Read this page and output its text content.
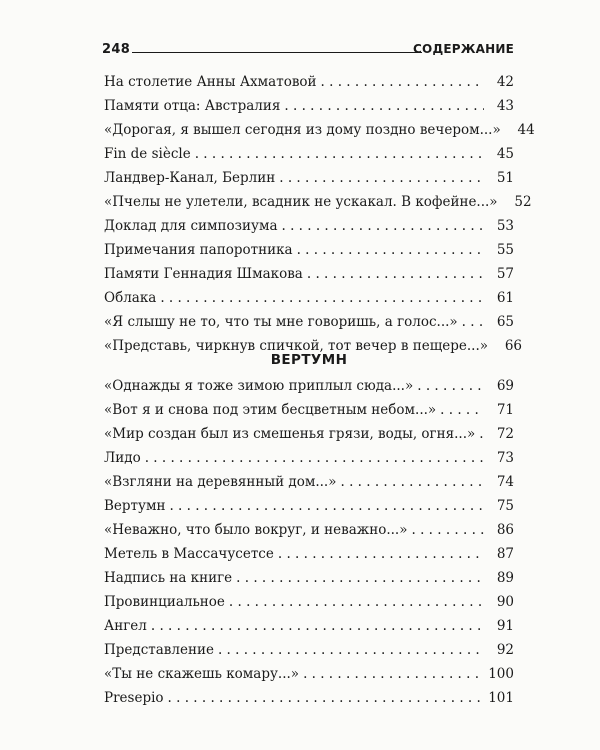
248	СОДЕРЖАНИЕ
На столетие Анны Ахматовой . . .	42
Памяти отца: Австралия . . .	43
«Дорогая, я вышел сегодня из дому поздно вечером...»	44
Fin de siècle . . .	45
Ландвер-Канал, Берлин . . .	51
«Пчелы не улетели, всадник не ускакал. В кофейне...»	52
Доклад для симпозиума . . .	53
Примечания папоротника . . .	55
Памяти Геннадия Шмакова . . .	57
Облака . . .	61
«Я слышу не то, что ты мне говоришь, а голос...» . . .	65
«Представь, чиркнув спичкой, тот вечер в пещере...»	66
ВЕРТУМН
«Однажды я тоже зимою приплыл сюда...» . . .	69
«Вот я и снова под этим бесцветным небом...» . . .	71
«Мир создан был из смешенья грязи, воды, огня...» . . .	72
Лидо . . .	73
«Взгляни на деревянный дом...» . . .	74
Вертумн . . .	75
«Неважно, что было вокруг, и неважно...» . . .	86
Метель в Массачусетсе . . .	87
Надпись на книге . . .	89
Провинциальное . . .	90
Ангел . . .	91
Представление . . .	92
«Ты не скажешь комару...» . . .	100
Presepio . . .	101
